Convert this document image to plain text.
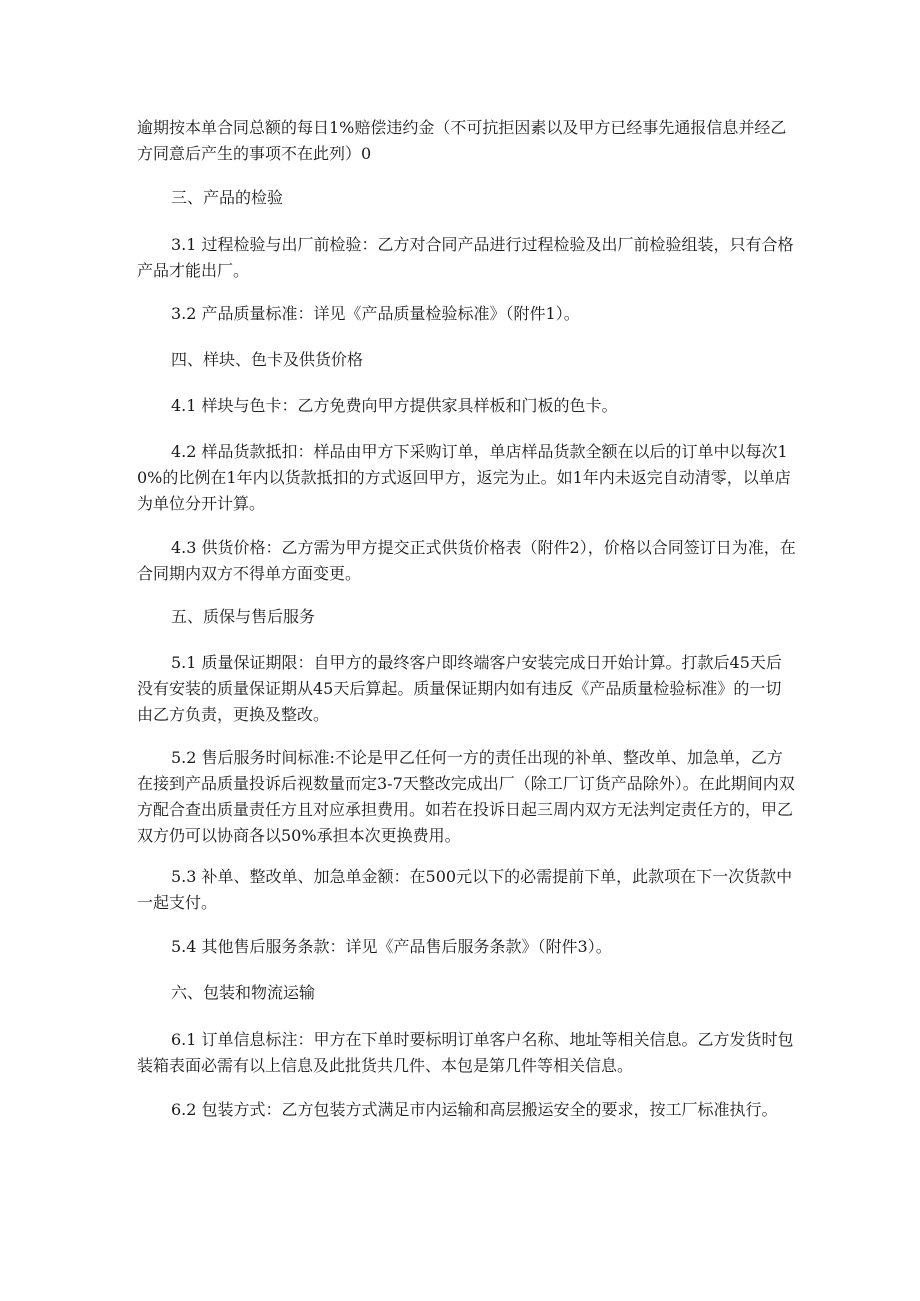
逾期按本单合同总额的每日1%赔偿违约金（不可抗拒因素以及甲方已经事先通报信息并经乙方同意后产生的事项不在此列）0

三、产品的检验

3.1 过程检验与出厂前检验：乙方对合同产品进行过程检验及出厂前检验组装，只有合格产品才能出厂。

3.2 产品质量标准：详见《产品质量检验标准》（附件1）。

四、样块、色卡及供货价格

4.1 样块与色卡：乙方免费向甲方提供家具样板和门板的色卡。

4.2 样品货款抵扣：样品由甲方下采购订单，单店样品货款全额在以后的订单中以每次10%的比例在1年内以货款抵扣的方式返回甲方，返完为止。如1年内未返完自动清零，以单店为单位分开计算。

4.3 供货价格：乙方需为甲方提交正式供货价格表（附件2），价格以合同签订日为准，在合同期内双方不得单方面变更。

五、质保与售后服务

5.1 质量保证期限：自甲方的最终客户即终端客户安装完成日开始计算。打款后45天后没有安装的质量保证期从45天后算起。质量保证期内如有违反《产品质量检验标准》的一切由乙方负责，更换及整改。

5.2 售后服务时间标准:不论是甲乙任何一方的责任出现的补单、整改单、加急单，乙方在接到产品质量投诉后视数量而定3-7天整改完成出厂（除工厂订货产品除外）。在此期间内双方配合查出质量责任方且对应承担费用。如若在投诉日起三周内双方无法判定责任方的，甲乙双方仍可以协商各以50%承担本次更换费用。

5.3 补单、整改单、加急单金额：在500元以下的必需提前下单，此款项在下一次货款中一起支付。

5.4 其他售后服务条款：详见《产品售后服务条款》（附件3）。

六、包装和物流运输

6.1 订单信息标注：甲方在下单时要标明订单客户名称、地址等相关信息。乙方发货时包装箱表面必需有以上信息及此批货共几件、本包是第几件等相关信息。

6.2 包装方式：乙方包装方式满足市内运输和高层搬运安全的要求，按工厂标准执行。
